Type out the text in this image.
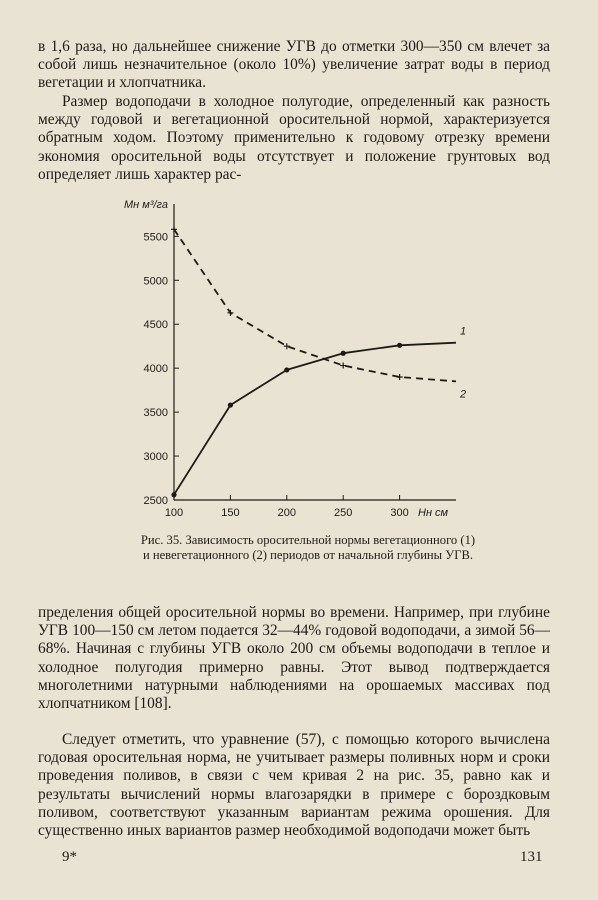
в 1,6 раза, но дальнейшее снижение УГВ до отметки 300—350 см влечет за собой лишь незначительное (около 10%) увеличение затрат воды в период вегетации и хлопчатника.

Размер водоподачи в холодное полугодие, определенный как разность между годовой и вегетационной оросительной нормой, характеризуется обратным ходом. Поэтому применительно к годовому отрезку времени экономия оросительной воды отсутствует и положение грунтовых вод определяет лишь характер рас-

100	150	200	250	300
2500
3000
3500
4000
4500
5000
5500
1
2
Mн м³/га
Hн см

Рис. 35. Зависимость оросительной нормы вегетационного (1) и невегетационного (2) периодов от начальной глубины УГВ.

пределения общей оросительной нормы во времени. Например, при глубине УГВ 100—150 см летом подается 32—44% годовой водоподачи, а зимой 56—68%. Начиная с глубины УГВ около 200 см объемы водоподачи в теплое и холодное полугодия примерно равны. Этот вывод подтверждается многолетними натурными наблюдениями на орошаемых массивах под хлопчатником [108].

Следует отметить, что уравнение (57), с помощью которого вычислена годовая оросительная норма, не учитывает размеры поливных норм и сроки проведения поливов, в связи с чем кривая 2 на рис. 35, равно как и результаты вычислений нормы влагозарядки в примере с бороздковым поливом, соответствуют указанным вариантам режима орошения. Для существенно иных вариантов размер необходимой водоподачи может быть

9*	131
